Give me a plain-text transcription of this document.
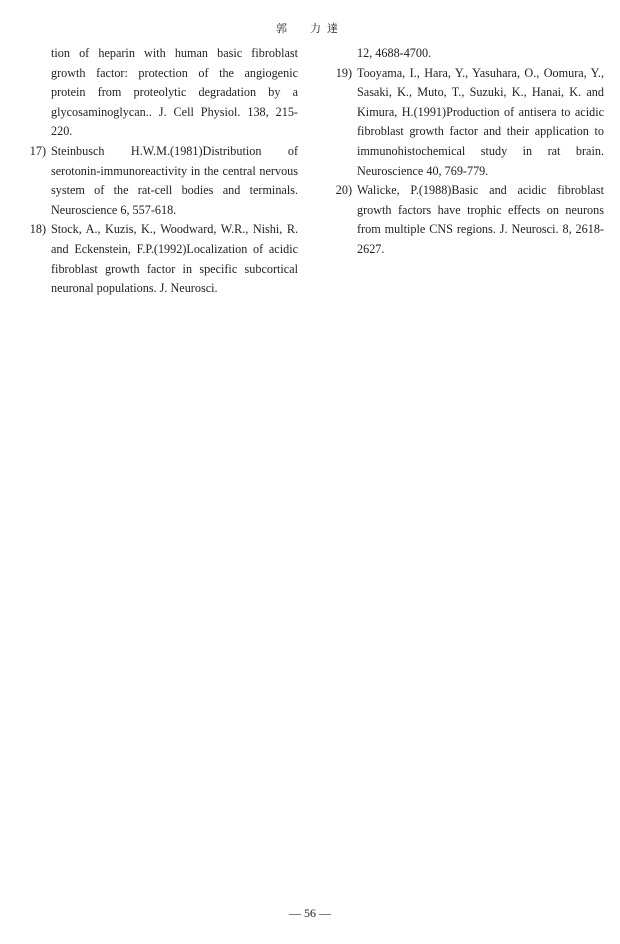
郭　力達

tion of heparin with human basic fibroblast growth factor: protection of the angiogenic protein from proteolytic degradation by a glycosaminoglycan.. J. Cell Physiol. 138, 215-220.

17) Steinbusch H.W.M.(1981)Distribution of serotonin-immunoreactivity in the central nervous system of the rat-cell bodies and terminals. Neuroscience 6, 557-618.

18) Stock, A., Kuzis, K., Woodward, W.R., Nishi, R. and Eckenstein, F.P.(1992)Localization of acidic fibroblast growth factor in specific subcortical neuronal populations. J. Neurosci.

12, 4688-4700.

19) Tooyama, I., Hara, Y., Yasuhara, O., Oomura, Y., Sasaki, K., Muto, T., Suzuki, K., Hanai, K. and Kimura, H.(1991)Production of antisera to acidic fibroblast growth factor and their application to immunohistochemical study in rat brain. Neuroscience 40, 769-779.

20) Walicke, P.(1988)Basic and acidic fibroblast growth factors have trophic effects on neurons from multiple CNS regions. J. Neurosci. 8, 2618-2627.

— 56 —
